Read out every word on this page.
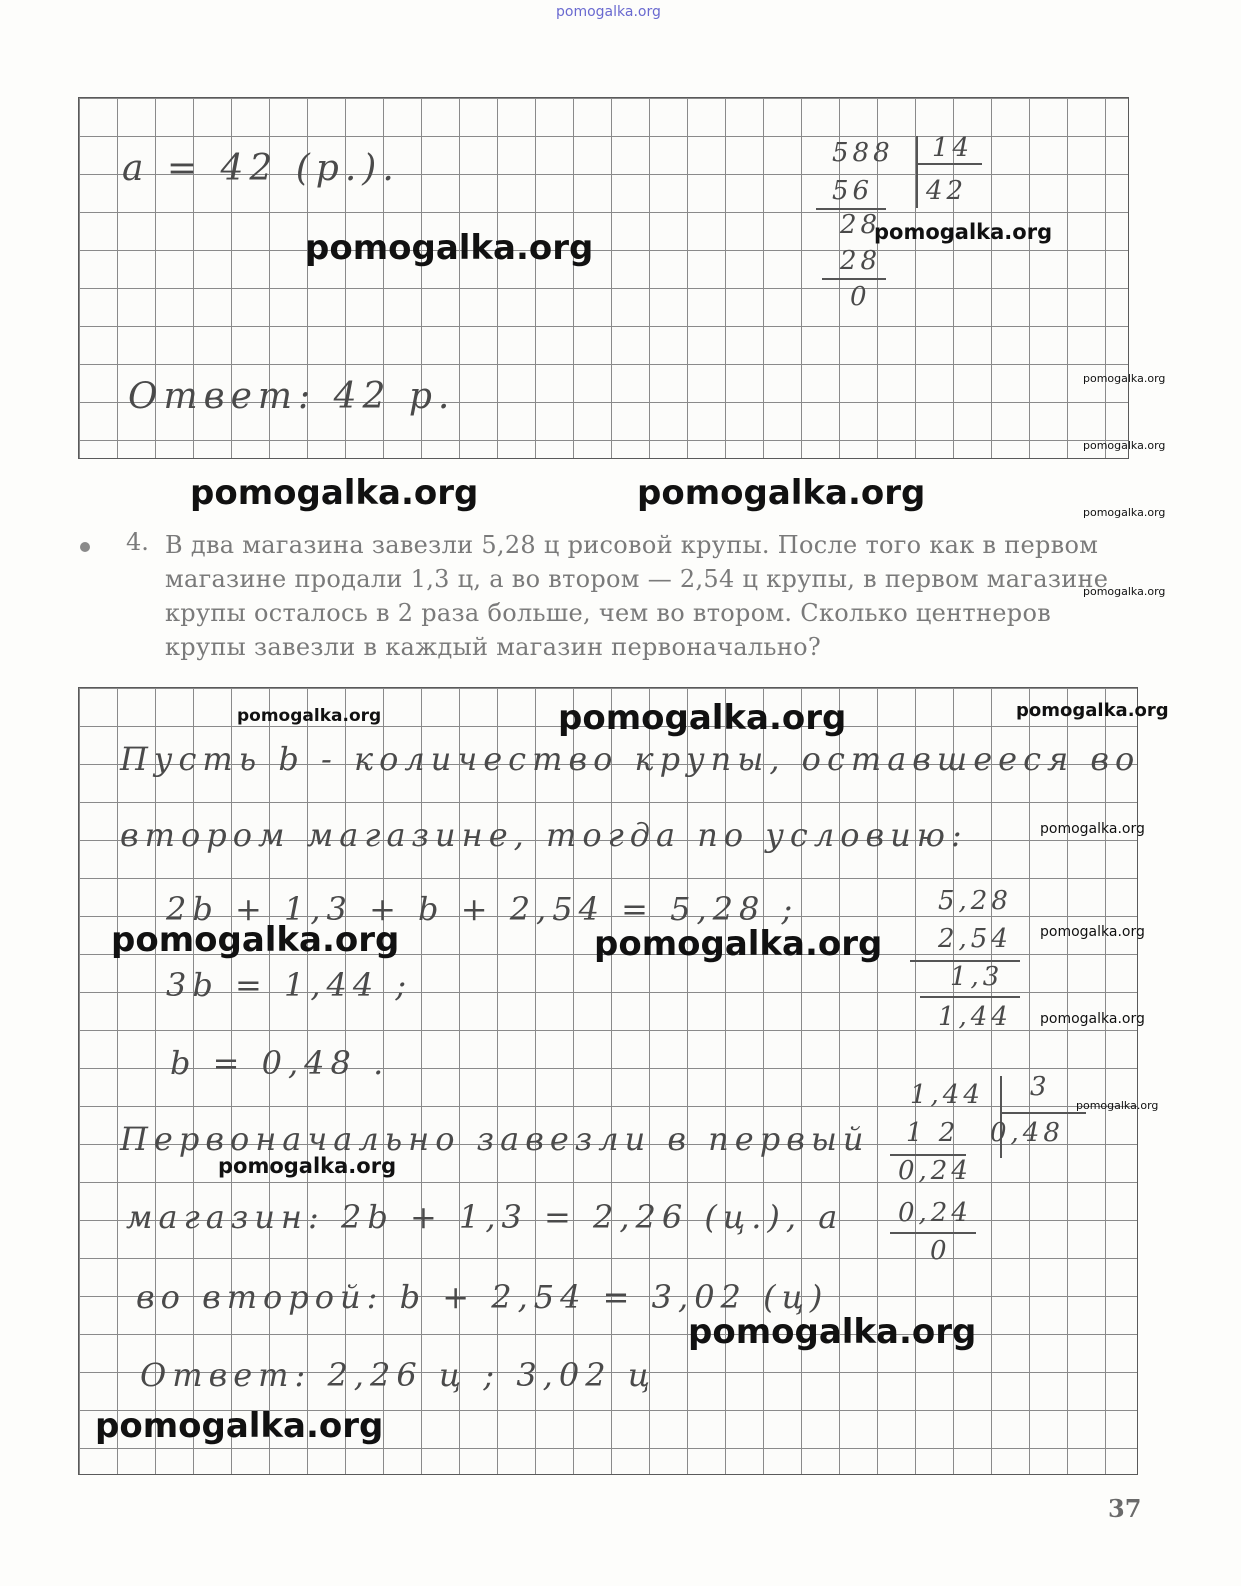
pomogalka.org
a = 42 (р.).
Ответ: 42 р.
588 14
56 42
28
28
0
4. В два магазина завезли 5,28 ц рисовой крупы. После того как в первом магазине продали 1,3 ц, а во втором — 2,54 ц крупы, в первом магазине крупы осталось в 2 раза больше, чем во втором. Сколько центнеров крупы завезли в каждый магазин первоначально?
Пусть b - количество крупы, оставшееся во
втором магазине, тогда по условию:
2b + 1,3 + b + 2,54 = 5,28 ;
3b = 1,44 ;
b = 0,48 .
Первоначально завезли в первый
магазин: 2b + 1,3 = 2,26 (ц.), а
во второй: b + 2,54 = 3,02 (ц)
Ответ: 2,26 ц ; 3,02 ц
5,28
2,54
1,3
1,44
1,44 3
1 2 0,48
0,24
0,24
0
pomogalka.org	pomogalka.org
pomogalka.org
pomogalka.org
pomogalka.org	pomogalka.org	pomogalka.org
pomogalka.org
pomogalka.org	pomogalka.org	pomogalka.org
pomogalka.org
pomogalka.org	pomogalka.org	pomogalka.org
pomogalka.org
pomogalka.org
pomogalka.org
pomogalka.org
pomogalka.org
37
